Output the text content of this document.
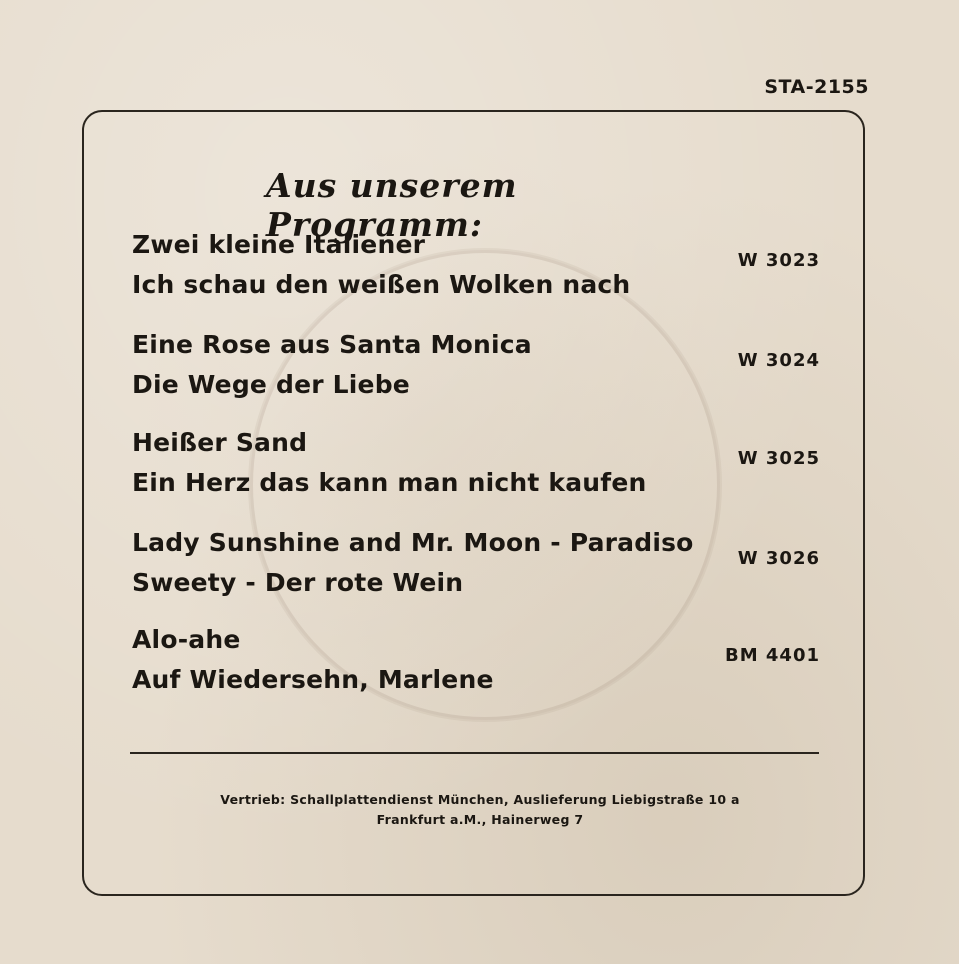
STA-2155
Aus unserem Programm:
Zwei kleine Italiener
Ich schau den weißen Wolken nach
W 3023
Eine Rose aus Santa Monica
Die Wege der Liebe
W 3024
Heißer Sand
Ein Herz das kann man nicht kaufen
W 3025
Lady Sunshine and Mr. Moon - Paradiso
Sweety - Der rote Wein
W 3026
Alo-ahe
Auf Wiedersehn, Marlene
BM 4401
Vertrieb: Schallplattendienst München, Auslieferung Liebigstraße 10 a
Frankfurt a.M., Hainerweg 7
